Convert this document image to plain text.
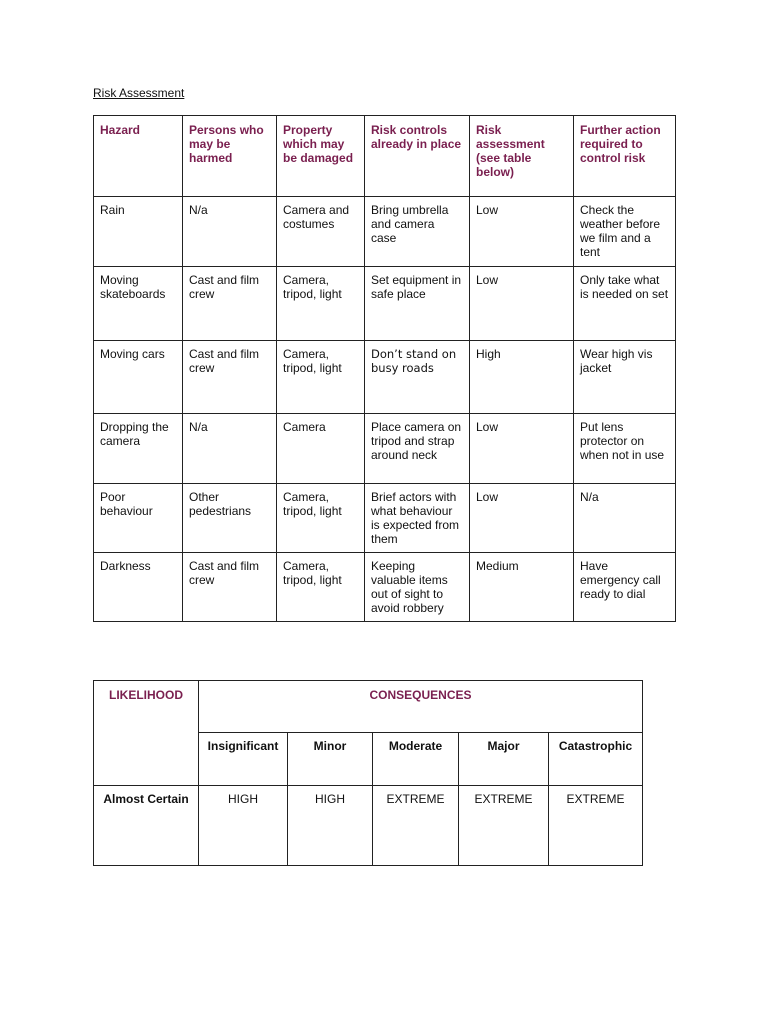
Risk Assessment
Hazard	Persons who may be harmed	Property which may be damaged	Risk controls already in place	Risk assessment (see table below)	Further action required to control risk
Rain	N/a	Camera and costumes	Bring umbrella and camera case	Low	Check the weather before we film and a tent
Moving skateboards	Cast and film crew	Camera, tripod, light	Set equipment in safe place	Low	Only take what is needed on set
Moving cars	Cast and film crew	Camera, tripod, light	Don’t stand on busy roads	High	Wear high vis jacket
Dropping the camera	N/a	Camera	Place camera on tripod and strap around neck	Low	Put lens protector on when not in use
Poor behaviour	Other pedestrians	Camera, tripod, light	Brief actors with what behaviour is expected from them	Low	N/a
Darkness	Cast and film crew	Camera, tripod, light	Keeping valuable items out of sight to avoid robbery	Medium	Have emergency call ready to dial
LIKELIHOOD	CONSEQUENCES				
	Insignificant	Minor	Moderate	Major	Catastrophic
Almost Certain	HIGH	HIGH	EXTREME	EXTREME	EXTREME
